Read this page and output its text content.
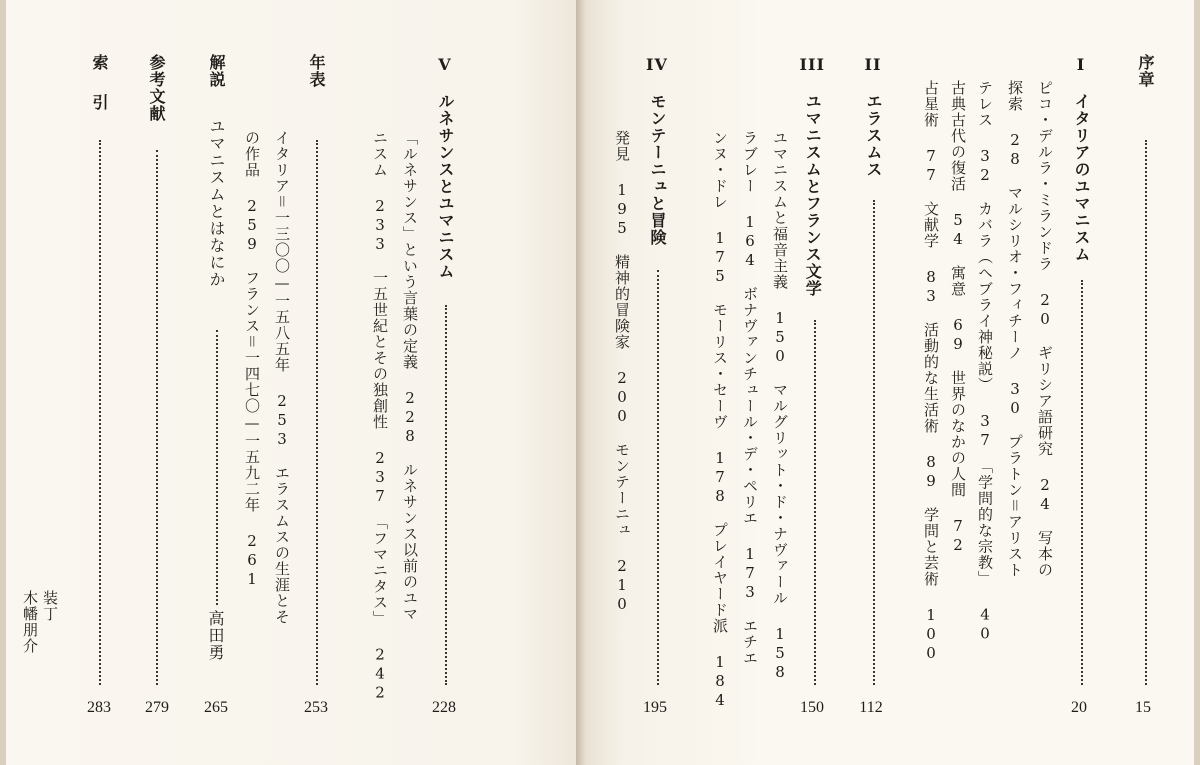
序章
15
I　イタリアのユマニスム
20
ピコ・デルラ・ミランドラ 20　ギリシア語研究 24　写本の
探索 28　マルシリオ・フィチーノ 30　プラトン＝アリスト
テレス 32　カバラ（ヘブライ神秘説） 37　「学問的な宗教」 40
古典古代の復活 54　寓意 69　世界のなかの人間 72
占星術 77　文献学 83　活動的な生活術 89　学問と芸術 100
II　エラスムス
112
III　ユマニスムとフランス文学
150
ユマニスムと福音主義 150　マルグリット・ド・ナヴァール 158
ラブレー 164　ボナヴァンチュール・デ・ペリエ 173　エチエ
ンヌ・ドレ 175　モーリス・セーヴ 178　プレイヤード派 184
IV　モンテーニュと冒険
195
発見 195　精神的冒険家 200　モンテーニュ 210
V　ルネサンスとユマニスム
228
「ルネサンス」という言葉の定義 228　ルネサンス以前のユマ
ニスム 233　一五世紀とその独創性 237　「フマニタス」 242
年表
253
イタリア＝一三〇〇—一五八五年 253　エラスムスの生涯とそ
の作品 259　フランス＝一四七〇—一五九二年 261
解説
ユマニスムとはなにか
高田勇
265
参考文献
279
索引
283
装丁
木幡朋介
